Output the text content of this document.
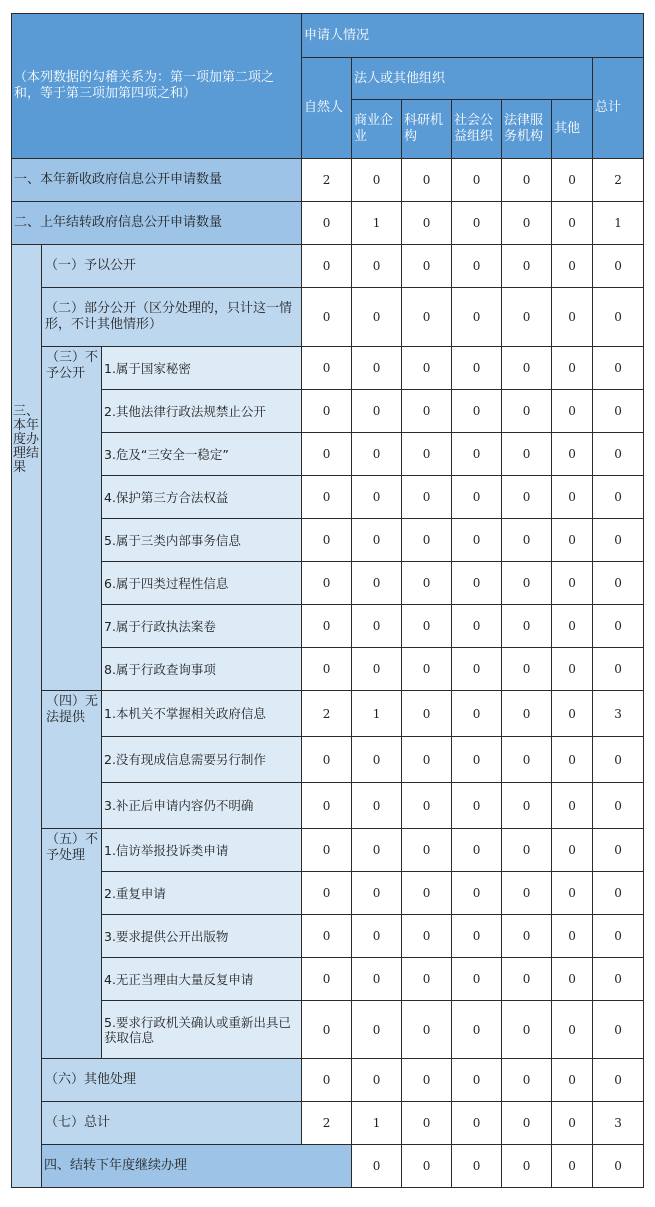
（本列数据的勾稽关系为：第一项加第二项之和，等于第三项加第四项之和）			申请人情况							
			自然人	法人或其他组织					总计	
				商业企业	科研机构	社会公益组织	法律服务机构	其他		
一、本年新收政府信息公开申请数量			2	0	0	0	0	0	2	
二、上年结转政府信息公开申请数量			0	1	0	0	0	0	1	
三、本年度办理结果	（一）予以公开		0	0	0	0	0	0	0	
	（二）部分公开（区分处理的，只计这一情形，不计其他情形）		0	0	0	0	0	0	0	
	（三）不予公开	1.属于国家秘密	0	0	0	0	0	0	0	
		2.其他法律行政法规禁止公开	0	0	0	0	0	0	0	
		3.危及“三安全一稳定”	0	0	0	0	0	0	0	
		4.保护第三方合法权益	0	0	0	0	0	0	0	
		5.属于三类内部事务信息	0	0	0	0	0	0	0	
		6.属于四类过程性信息	0	0	0	0	0	0	0	
		7.属于行政执法案卷	0	0	0	0	0	0	0	
		8.属于行政查询事项	0	0	0	0	0	0	0	
	（四）无法提供	1.本机关不掌握相关政府信息	2	1	0	0	0	0	3	
		2.没有现成信息需要另行制作	0	0	0	0	0	0	0	
		3.补正后申请内容仍不明确	0	0	0	0	0	0	0	
	（五）不予处理	1.信访举报投诉类申请	0	0	0	0	0	0	0	
		2.重复申请	0	0	0	0	0	0	0	
		3.要求提供公开出版物	0	0	0	0	0	0	0	
		4.无正当理由大量反复申请	0	0	0	0	0	0	0	
		5.要求行政机关确认或重新出具已获取信息	0	0	0	0	0	0	0	
	（六）其他处理		0	0	0	0	0	0	0	
	（七）总计		2	1	0	0	0	0	3	
	四、结转下年度继续办理			0	0	0	0	0	0	
